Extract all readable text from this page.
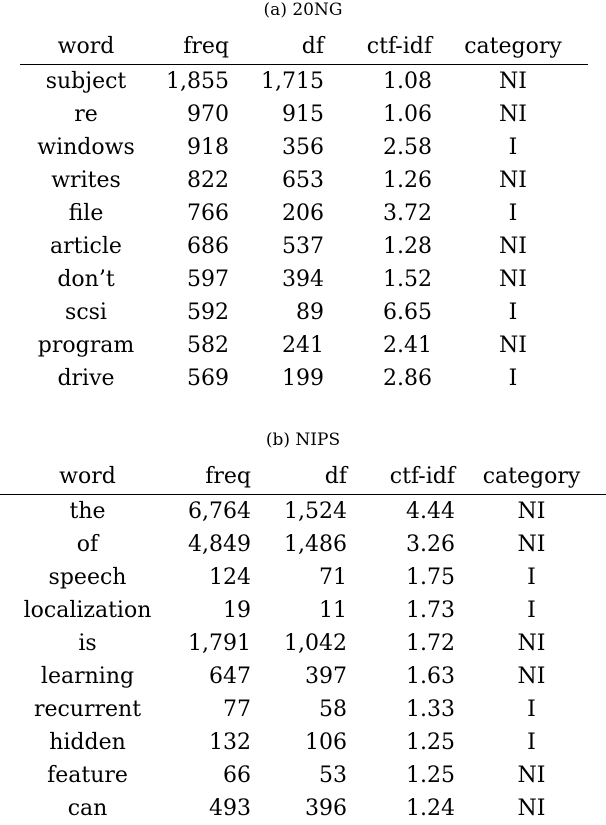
(a) 20NG
word	freq	df	ctf-idf	category
subject	1,855	1,715	1.08	NI
re	970	915	1.06	NI
windows	918	356	2.58	I
writes	822	653	1.26	NI
file	766	206	3.72	I
article	686	537	1.28	NI
don’t	597	394	1.52	NI
scsi	592	89	6.65	I
program	582	241	2.41	NI
drive	569	199	2.86	I
(b) NIPS
word	freq	df	ctf-idf	category
the	6,764	1,524	4.44	NI
of	4,849	1,486	3.26	NI
speech	124	71	1.75	I
localization	19	11	1.73	I
is	1,791	1,042	1.72	NI
learning	647	397	1.63	NI
recurrent	77	58	1.33	I
hidden	132	106	1.25	I
feature	66	53	1.25	NI
can	493	396	1.24	NI
